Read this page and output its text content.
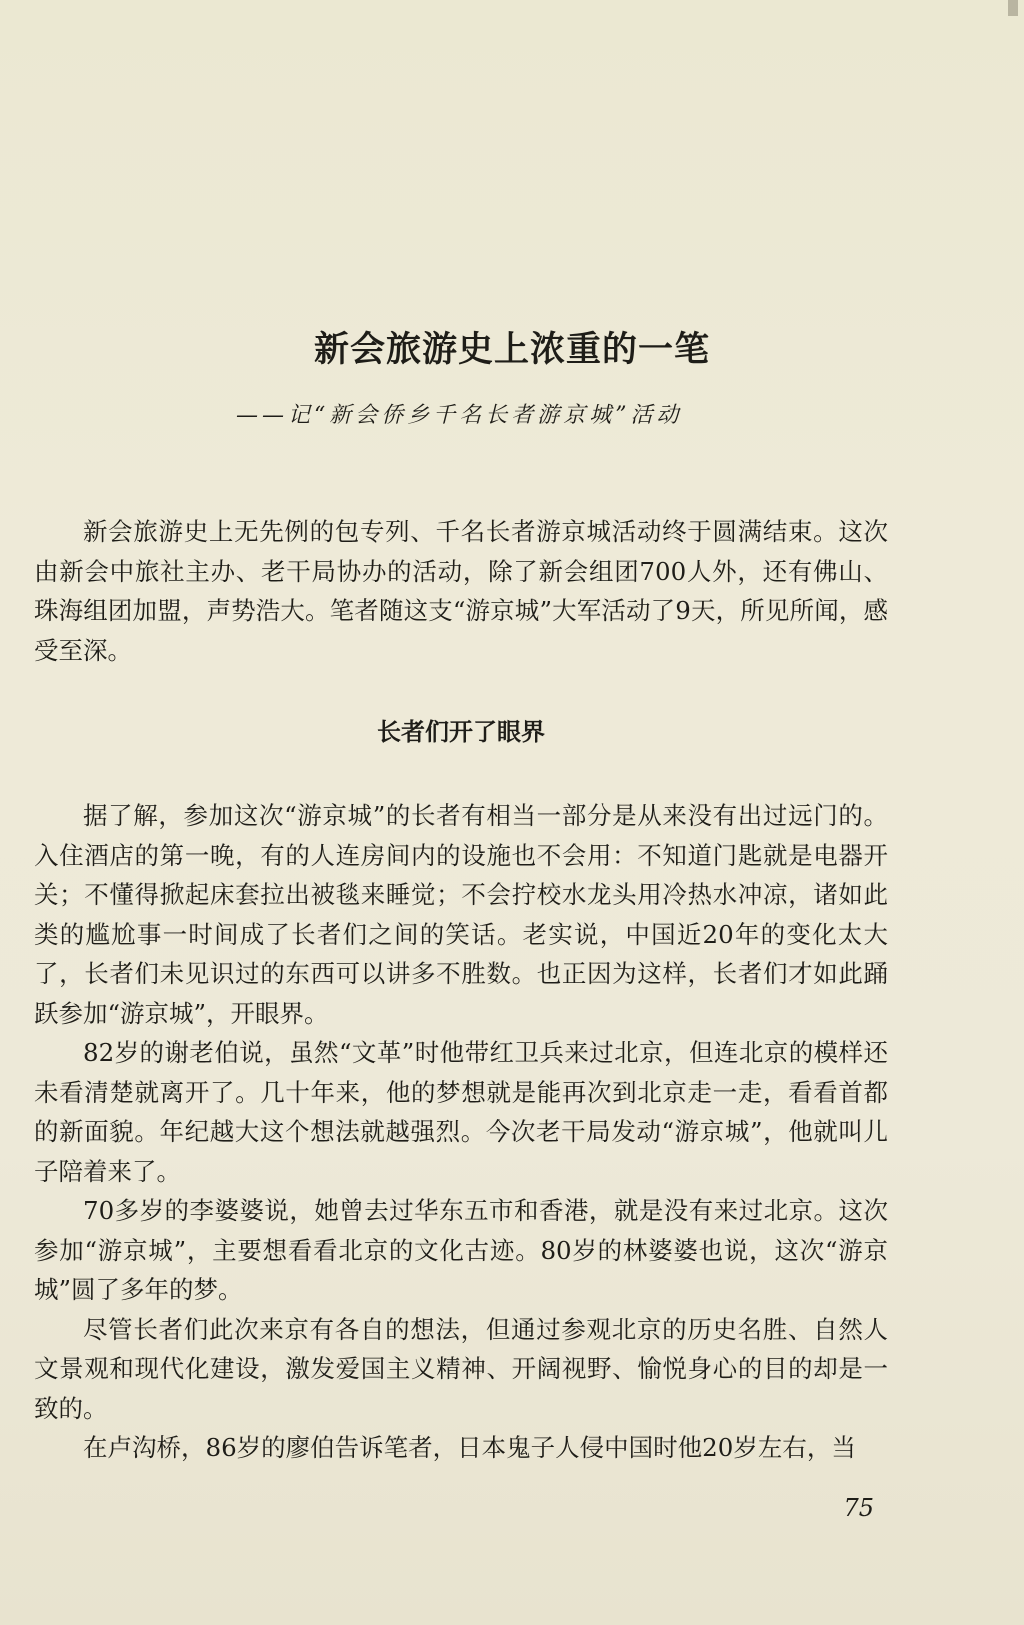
新会旅游史上浓重的一笔
——记“新会侨乡千名长者游京城”活动

新会旅游史上无先例的包专列、千名长者游京城活动终于圆满结束。这次由新会中旅社主办、老干局协办的活动，除了新会组团700人外，还有佛山、珠海组团加盟，声势浩大。笔者随这支“游京城”大军活动了9天，所见所闻，感受至深。

长者们开了眼界

据了解，参加这次“游京城”的长者有相当一部分是从来没有出过远门的。入住酒店的第一晚，有的人连房间内的设施也不会用：不知道门匙就是电器开关；不懂得掀起床套拉出被毯来睡觉；不会拧校水龙头用冷热水冲凉，诸如此类的尴尬事一时间成了长者们之间的笑话。老实说，中国近20年的变化太大了，长者们未见识过的东西可以讲多不胜数。也正因为这样，长者们才如此踊跃参加“游京城”，开眼界。

82岁的谢老伯说，虽然“文革”时他带红卫兵来过北京，但连北京的模样还未看清楚就离开了。几十年来，他的梦想就是能再次到北京走一走，看看首都的新面貌。年纪越大这个想法就越强烈。今次老干局发动“游京城”，他就叫儿子陪着来了。

70多岁的李婆婆说，她曾去过华东五市和香港，就是没有来过北京。这次参加“游京城”，主要想看看北京的文化古迹。80岁的林婆婆也说，这次“游京城”圆了多年的梦。

尽管长者们此次来京有各自的想法，但通过参观北京的历史名胜、自然人文景观和现代化建设，激发爱国主义精神、开阔视野、愉悦身心的目的却是一致的。

在卢沟桥，86岁的廖伯告诉笔者，日本鬼子人侵中国时他20岁左右，当

75
